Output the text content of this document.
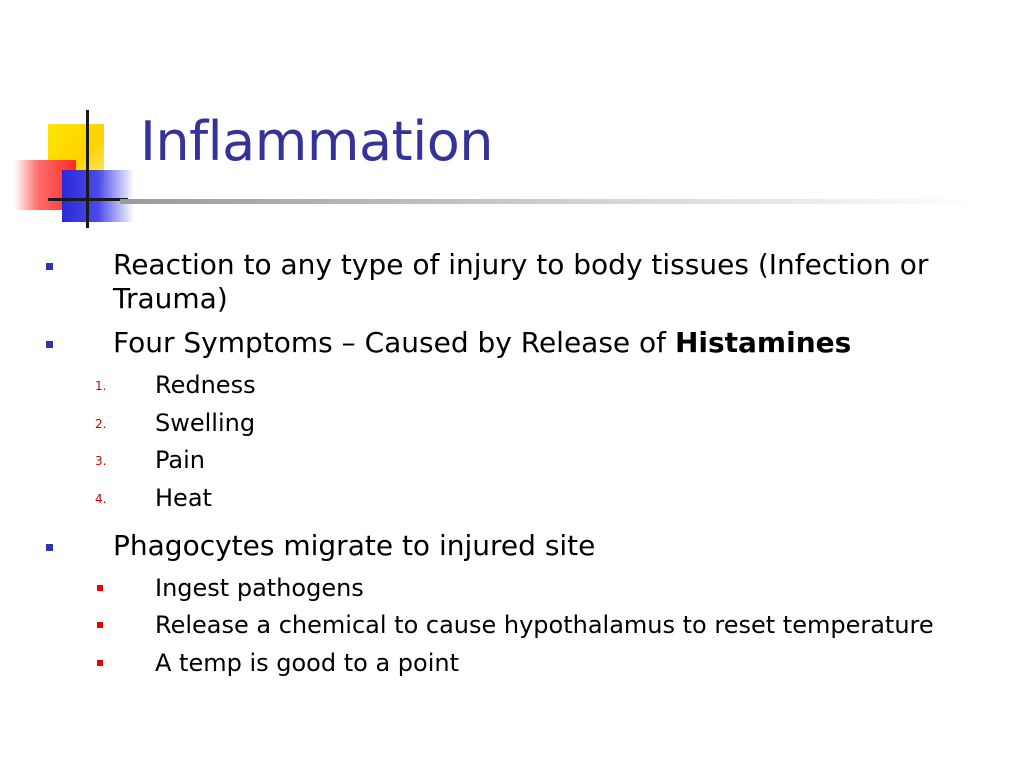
Inflammation
Reaction to any type of injury to body tissues (Infection or Trauma)
Four Symptoms – Caused by Release of Histamines
1. Redness
2. Swelling
3. Pain
4. Heat
Phagocytes migrate to injured site
Ingest pathogens
Release a chemical to cause hypothalamus to reset temperature
A temp is good to a point
